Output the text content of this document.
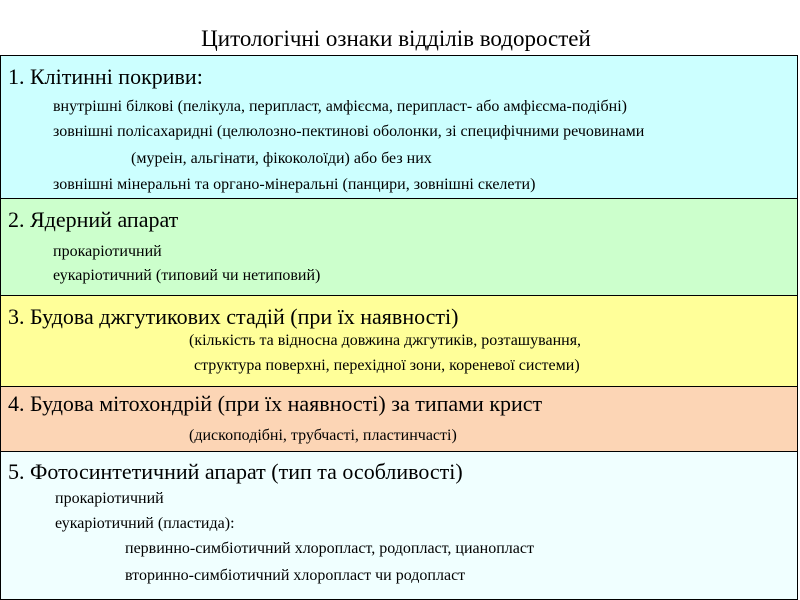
Цитологічні ознаки відділів водоростей
1. Клітинні покриви:
внутрішні білкові (пелікула, перипласт, амфієсма, перипласт- або амфієсма-подібні)
зовнішні полісахаридні (целюлозно-пектинові оболонки, зі специфічними речовинами
(муреін, альгінати, фікоколоїди) або без них
зовнішні мінеральні та органо-мінеральні (панцири, зовнішні скелети)
2. Ядерний апарат
прокаріотичний
еукаріотичний (типовий чи нетиповий)
3. Будова джгутикових стадій (при їх наявності)
(кількість та відносна довжина джгутиків, розташування,
структура поверхні, перехідної зони, кореневої системи)
4. Будова мітохондрій (при їх наявності) за типами крист
(дископодібні, трубчасті, пластинчасті)
5. Фотосинтетичний апарат (тип та особливості)
прокаріотичний
еукаріотичний (пластида):
первинно-симбіотичний хлоропласт, родопласт, цианопласт
вторинно-симбіотичний хлоропласт чи родопласт
